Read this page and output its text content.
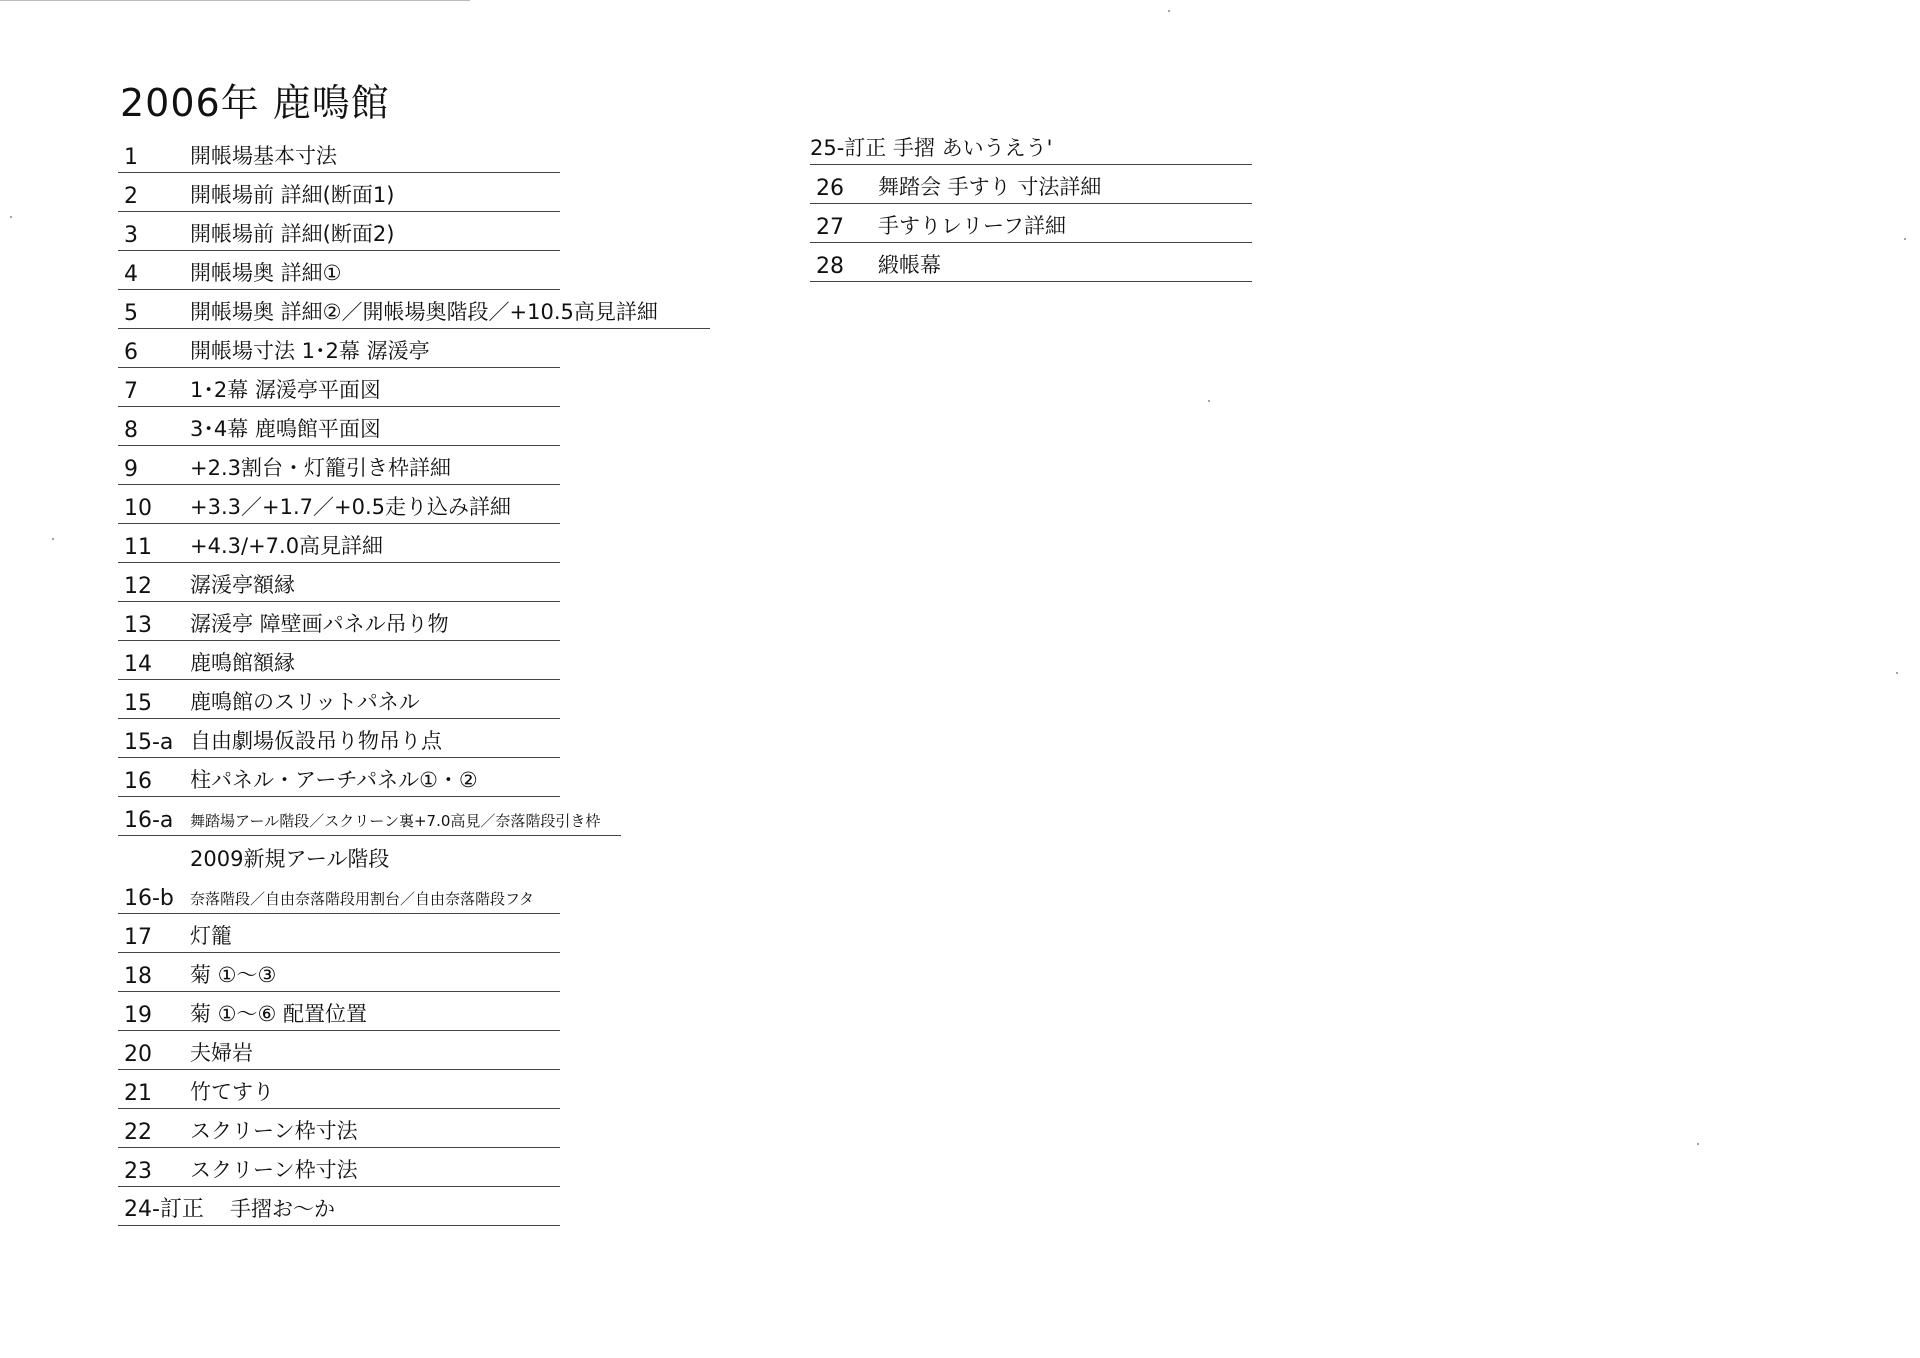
2006年 鹿鳴館
1 開帳場基本寸法
2 開帳場前 詳細(断面1)
3 開帳場前 詳細(断面2)
4 開帳場奥 詳細①
5 開帳場奥 詳細②／開帳場奥階段／+10.5高見詳細
6 開帳場寸法 1･2幕 潺湲亭
7 1･2幕 潺湲亭平面図
8 3･4幕 鹿鳴館平面図
9 +2.3割台・灯籠引き枠詳細
10 +3.3／+1.7／+0.5走り込み詳細
11 +4.3/+7.0高見詳細
12 潺湲亭額縁
13 潺湲亭 障壁画パネル吊り物
14 鹿鳴館額縁
15 鹿鳴館のスリットパネル
15-a 自由劇場仮設吊り物吊り点
16 柱パネル・アーチパネル①・②
16-a 舞踏場アール階段／スクリーン裏+7.0高見／奈落階段引き枠
2009新規アール階段
16-b 奈落階段／自由奈落階段用割台／自由奈落階段フタ
17 灯籠
18 菊 ①〜③
19 菊 ①〜⑥ 配置位置
20 夫婦岩
21 竹てすり
22 スクリーン枠寸法
23 スクリーン枠寸法
24-訂正 手摺お〜か
25-訂正 手摺 あいうえう'
26 舞踏会 手すり 寸法詳細
27 手すりレリーフ詳細
28 緞帳幕
